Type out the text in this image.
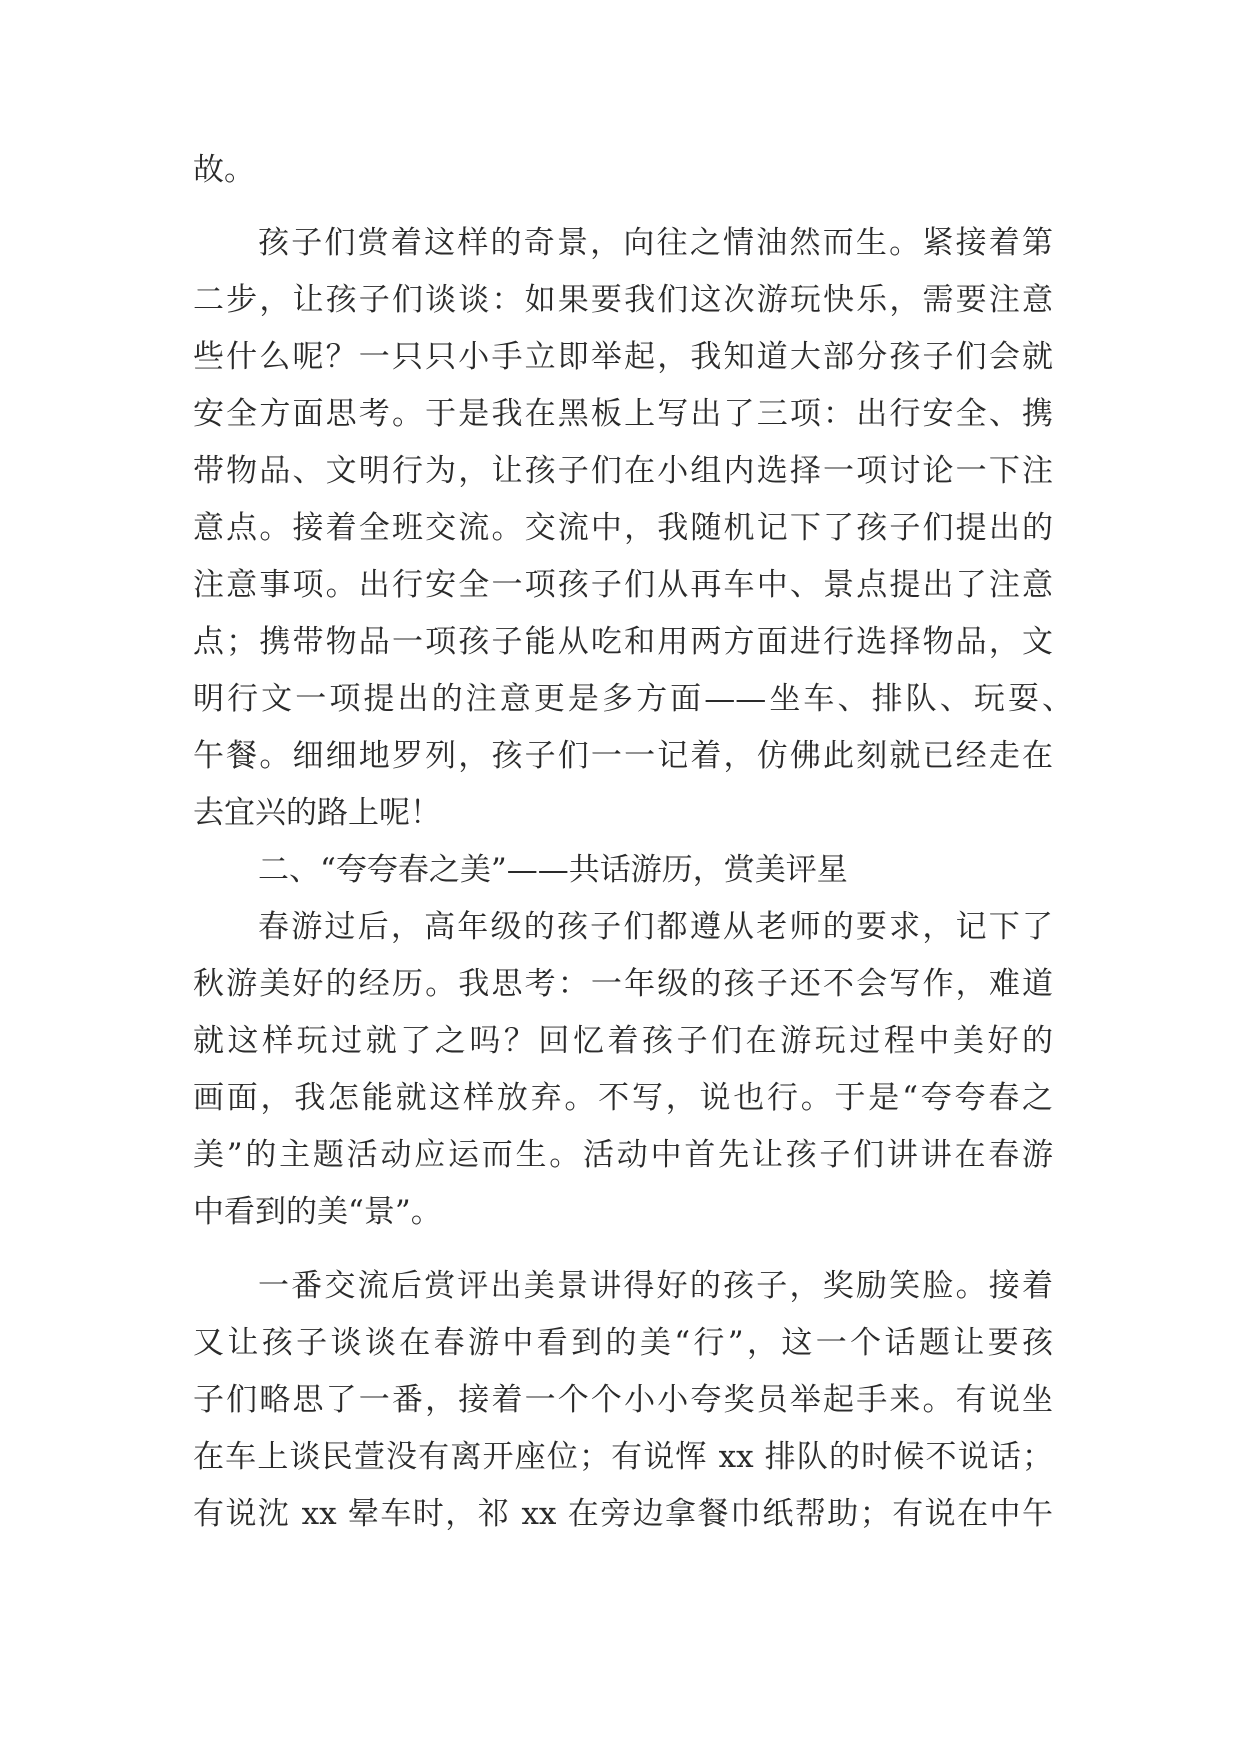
故。
孩子们赏着这样的奇景，向往之情油然而生。紧接着第
二步，让孩子们谈谈：如果要我们这次游玩快乐，需要注意
些什么呢？一只只小手立即举起，我知道大部分孩子们会就
安全方面思考。于是我在黑板上写出了三项：出行安全、携
带物品、文明行为，让孩子们在小组内选择一项讨论一下注
意点。接着全班交流。交流中，我随机记下了孩子们提出的
注意事项。出行安全一项孩子们从再车中、景点提出了注意
点；携带物品一项孩子能从吃和用两方面进行选择物品，文
明行文一项提出的注意更是多方面——坐车、排队、玩耍、
午餐。细细地罗列，孩子们一一记着，仿佛此刻就已经走在
去宜兴的路上呢！
二、“夸夸春之美”——共话游历，赏美评星
春游过后，高年级的孩子们都遵从老师的要求，记下了
秋游美好的经历。我思考：一年级的孩子还不会写作，难道
就这样玩过就了之吗？回忆着孩子们在游玩过程中美好的
画面，我怎能就这样放弃。不写，说也行。于是“夸夸春之
美”的主题活动应运而生。活动中首先让孩子们讲讲在春游
中看到的美“景”。
一番交流后赏评出美景讲得好的孩子，奖励笑脸。接着
又让孩子谈谈在春游中看到的美“行”，这一个话题让要孩
子们略思了一番，接着一个个小小夸奖员举起手来。有说坐
在车上谈民萱没有离开座位；有说恽 xx 排队的时候不说话；
有说沈 xx 晕车时，祁 xx 在旁边拿餐巾纸帮助；有说在中午
